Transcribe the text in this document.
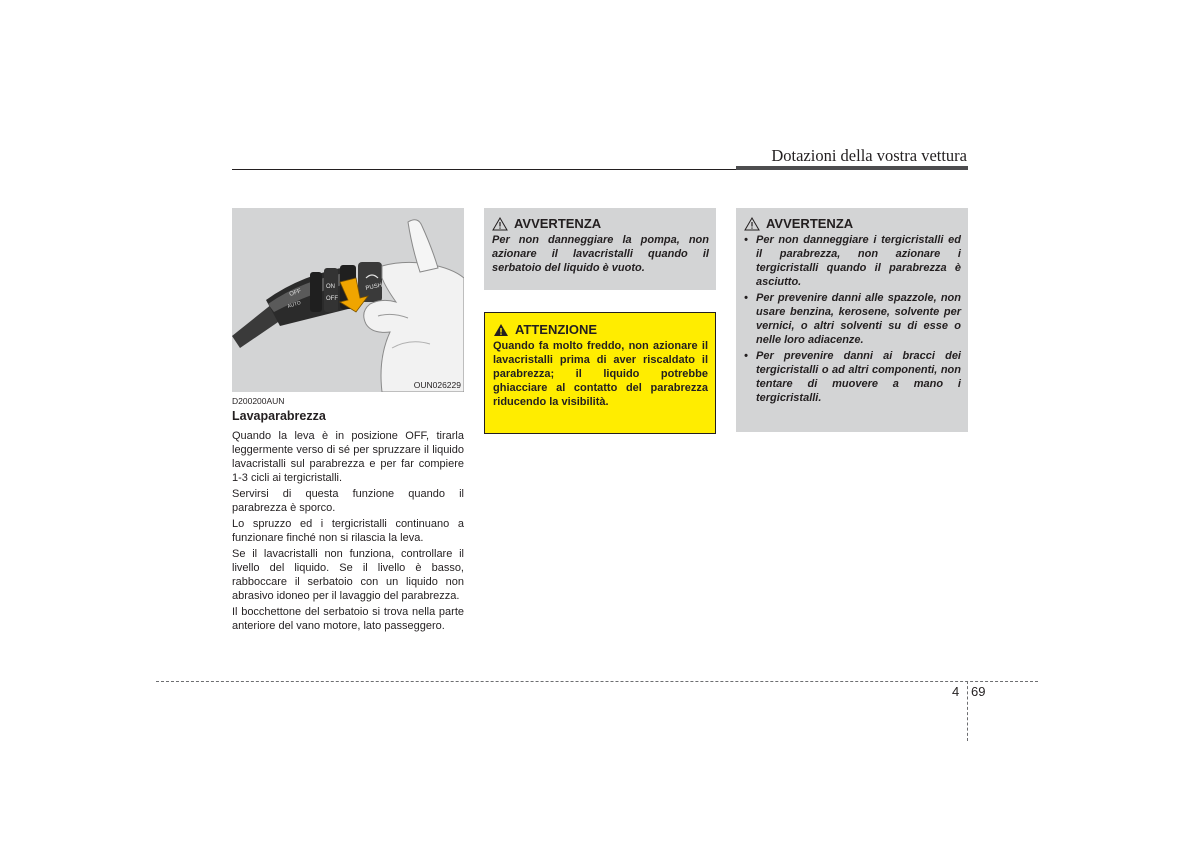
Dotazioni della vostra vettura
OFF
AUTO
ON
OFF
PUSH
OUN026229
D200200AUN
Lavaparabrezza

Quando la leva è in posizione OFF, tirarla leggermente verso di sé per spruzzare il liquido lavacristalli sul parabrezza e per far compiere 1-3 cicli ai tergicristalli.

Servirsi di questa funzione quando il parabrezza è sporco.

Lo spruzzo ed i tergicristalli continuano a funzionare finché non si rilascia la leva.

Se il lavacristalli non funziona, controllare il livello del liquido. Se il livello è basso, rabboccare il serbatoio con un liquido non abrasivo idoneo per il lavaggio del parabrezza.

Il bocchettone del serbatoio si trova nella parte anteriore del vano motore, lato passeggero.

AVVERTENZA

Per non danneggiare la pompa, non azionare il lavacristalli quando il serbatoio del liquido è vuoto.

ATTENZIONE

Quando fa molto freddo, non azionare il lavacristalli prima di aver riscaldato il parabrezza; il liquido potrebbe ghiacciare al contatto del parabrezza riducendo la visibilità.

AVVERTENZA
• Per non danneggiare i tergicristalli ed il parabrezza, non azionare i tergicristalli quando il parabrezza è asciutto.
• Per prevenire danni alle spazzole, non usare benzina, kerosene, solvente per vernici, o altri solventi su di esse o nelle loro adiacenze.
• Per prevenire danni ai bracci dei tergicristalli o ad altri componenti, non tentare di muovere a mano i tergicristalli.
4 69
